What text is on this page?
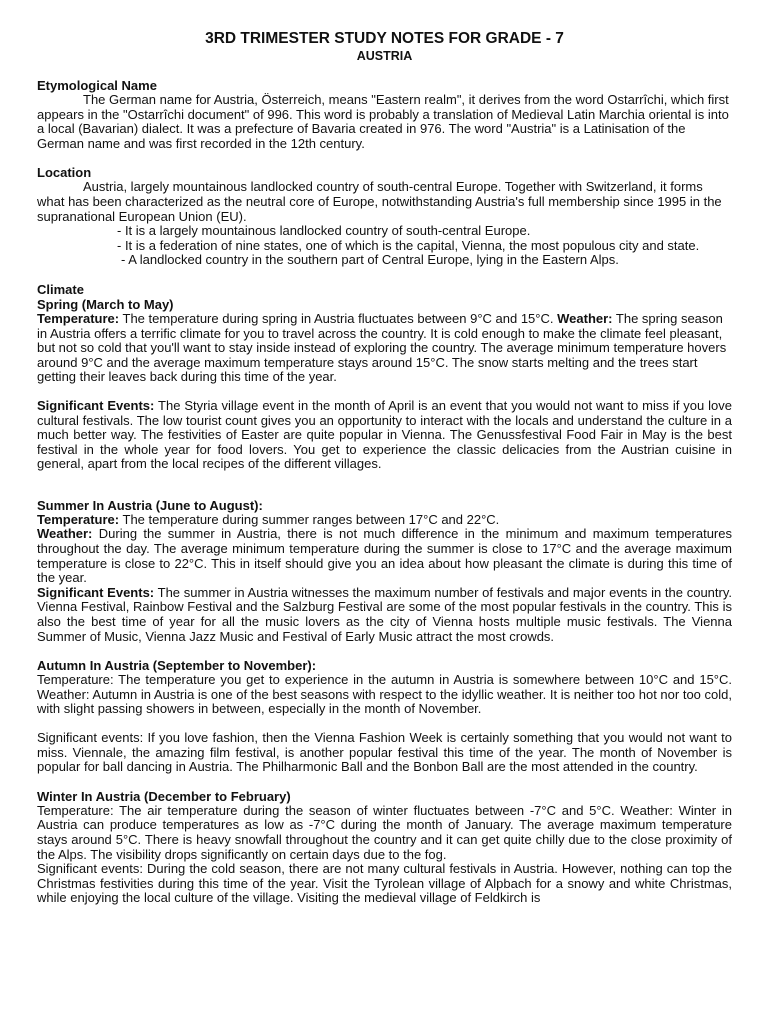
3RD TRIMESTER STUDY NOTES FOR GRADE - 7
AUSTRIA
Etymological Name

The German name for Austria, Österreich, means "Eastern realm", it derives from the word Ostarrîchi, which first appears in the "Ostarrîchi document" of 996. This word is probably a translation of Medieval Latin Marchia oriental is into a local (Bavarian) dialect. It was a prefecture of Bavaria created in 976. The word "Austria" is a Latinisation of the German name and was first recorded in the 12th century.

Location

Austria, largely mountainous landlocked country of south-central Europe. Together with Switzerland, it forms what has been characterized as the neutral core of Europe, notwithstanding Austria's full membership since 1995 in the supranational European Union (EU).

- It is a largely mountainous landlocked country of south-central Europe.
- It is a federation of nine states, one of which is the capital, Vienna, the most populous city and state.
- A landlocked country in the southern part of Central Europe, lying in the Eastern Alps.
Climate
Spring (March to May)

Temperature: The temperature during spring in Austria fluctuates between 9°C and 15°C. Weather: The spring season in Austria offers a terrific climate for you to travel across the country. It is cold enough to make the climate feel pleasant, but not so cold that you'll want to stay inside instead of exploring the country. The average minimum temperature hovers around 9°C and the average maximum temperature stays around 15°C. The snow starts melting and the trees start getting their leaves back during this time of the year.

Significant Events: The Styria village event in the month of April is an event that you would not want to miss if you love cultural festivals. The low tourist count gives you an opportunity to interact with the locals and understand the culture in a much better way. The festivities of Easter are quite popular in Vienna. The Genussfestival Food Fair in May is the best festival in the whole year for food lovers. You get to experience the classic delicacies from the Austrian cuisine in general, apart from the local recipes of the different villages.

Summer In Austria (June to August):

Temperature: The temperature during summer ranges between 17°C and 22°C.

Weather: During the summer in Austria, there is not much difference in the minimum and maximum temperatures throughout the day. The average minimum temperature during the summer is close to 17°C and the average maximum temperature is close to 22°C. This in itself should give you an idea about how pleasant the climate is during this time of the year.

Significant Events: The summer in Austria witnesses the maximum number of festivals and major events in the country. Vienna Festival, Rainbow Festival and the Salzburg Festival are some of the most popular festivals in the country. This is also the best time of year for all the music lovers as the city of Vienna hosts multiple music festivals. The Vienna Summer of Music, Vienna Jazz Music and Festival of Early Music attract the most crowds.

Autumn In Austria (September to November):

Temperature: The temperature you get to experience in the autumn in Austria is somewhere between 10°C and 15°C. Weather: Autumn in Austria is one of the best seasons with respect to the idyllic weather. It is neither too hot nor too cold, with slight passing showers in between, especially in the month of November.

Significant events: If you love fashion, then the Vienna Fashion Week is certainly something that you would not want to miss. Viennale, the amazing film festival, is another popular festival this time of the year. The month of November is popular for ball dancing in Austria. The Philharmonic Ball and the Bonbon Ball are the most attended in the country.

Winter In Austria (December to February)

Temperature: The air temperature during the season of winter fluctuates between -7°C and 5°C. Weather: Winter in Austria can produce temperatures as low as -7°C during the month of January. The average maximum temperature stays around 5°C. There is heavy snowfall throughout the country and it can get quite chilly due to the close proximity of the Alps. The visibility drops significantly on certain days due to the fog.

Significant events: During the cold season, there are not many cultural festivals in Austria. However, nothing can top the Christmas festivities during this time of the year. Visit the Tyrolean village of Alpbach for a snowy and white Christmas, while enjoying the local culture of the village. Visiting the medieval village of Feldkirch is
